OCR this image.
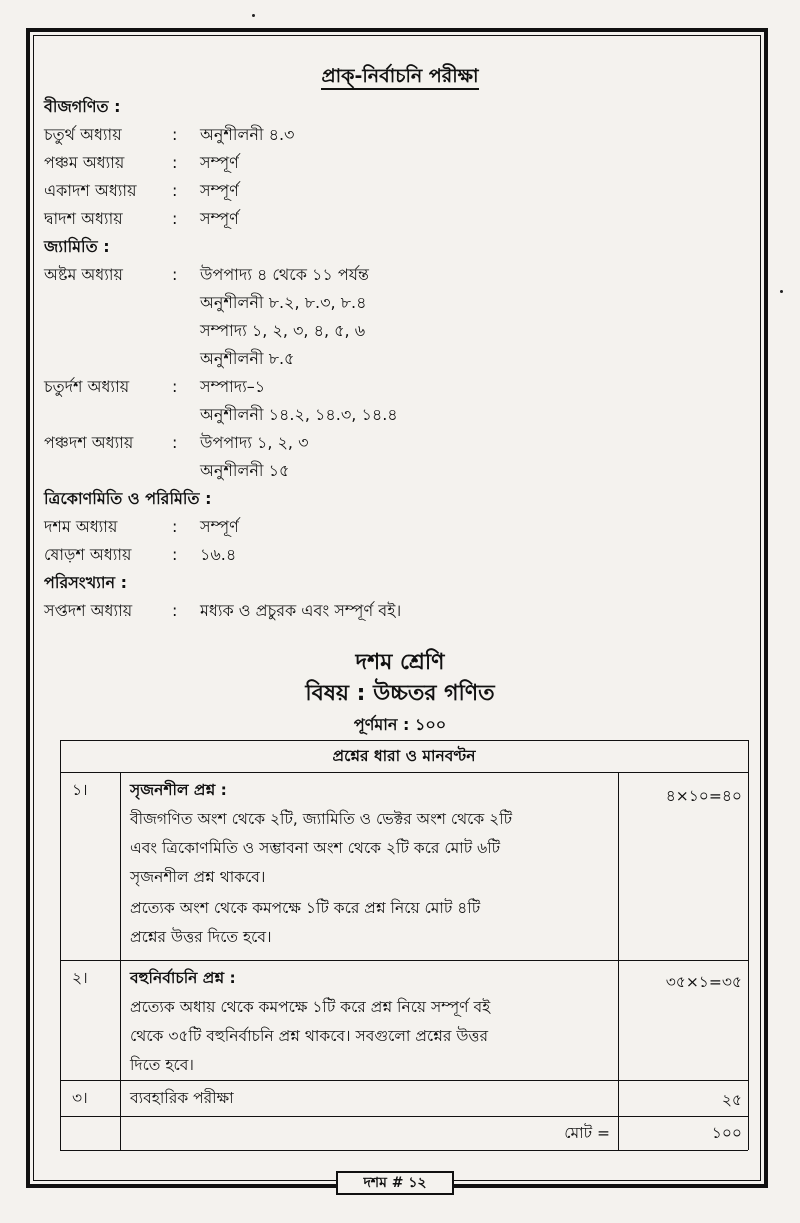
প্রাক্-নির্বাচনি পরীক্ষা
বীজগণিত :
চতুর্থ অধ্যায়	: অনুশীলনী ৪.৩
পঞ্চম অধ্যায়	: সম্পূর্ণ
একাদশ অধ্যায় : সম্পূর্ণ
দ্বাদশ অধ্যায়	: সম্পূর্ণ
জ্যামিতি :
অষ্টম অধ্যায়	: উপপাদ্য ৪ থেকে ১১ পর্যন্ত
অনুশীলনী ৮.২, ৮.৩, ৮.৪
সম্পাদ্য ১, ২, ৩, ৪, ৫, ৬
অনুশীলনী ৮.৫
চতুর্দশ অধ্যায়	: সম্পাদ্য–১
অনুশীলনী ১৪.২, ১৪.৩, ১৪.৪
পঞ্চদশ অধ্যায় : উপপাদ্য ১, ২, ৩
অনুশীলনী ১৫
ত্রিকোণমিতি ও পরিমিতি :
দশম অধ্যায়	: সম্পূর্ণ
ষোড়শ অধ্যায়	: ১৬.৪
পরিসংখ্যান :
সপ্তদশ অধ্যায় : মধ্যক ও প্রচুরক এবং সম্পূর্ণ বই।
দশম শ্রেণি
বিষয় : উচ্চতর গণিত
পূর্ণমান : ১০০
প্রশ্নের ধারা ও মানবণ্টন
১।	সৃজনশীল প্রশ্ন :
বীজগণিত অংশ থেকে ২টি, জ্যামিতি ও ভেক্টর অংশ থেকে ২টি
এবং ত্রিকোণমিতি ও সম্ভাবনা অংশ থেকে ২টি করে মোট ৬টি
সৃজনশীল প্রশ্ন থাকবে।
প্রত্যেক অংশ থেকে কমপক্ষে ১টি করে প্রশ্ন নিয়ে মোট ৪টি
প্রশ্নের উত্তর দিতে হবে।
৪×১০=৪০
২।	বহুনির্বাচনি প্রশ্ন :
প্রত্যেক অধায় থেকে কমপক্ষে ১টি করে প্রশ্ন নিয়ে সম্পূর্ণ বই
থেকে ৩৫টি বহুনির্বাচনি প্রশ্ন থাকবে। সবগুলো প্রশ্নের উত্তর
দিতে হবে।
৩৫×১=৩৫
৩।	ব্যবহারিক পরীক্ষা	২৫
মোট =	১০০
দশম # ১২
